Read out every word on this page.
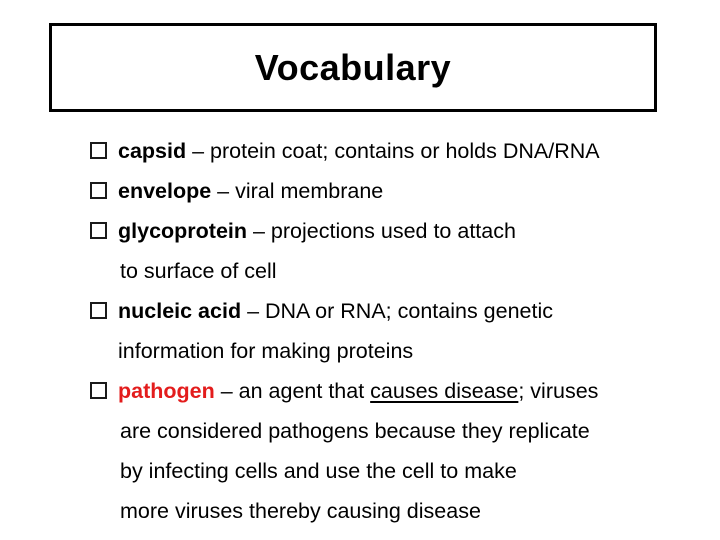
Vocabulary
capsid – protein coat; contains or holds DNA/RNA
envelope – viral membrane
glycoprotein – projections used to attach
to surface of cell
nucleic acid – DNA or RNA; contains genetic
information for making proteins
pathogen – an agent that causes disease; viruses
are considered pathogens because they replicate
by infecting cells and use the cell to make
more viruses thereby causing disease
